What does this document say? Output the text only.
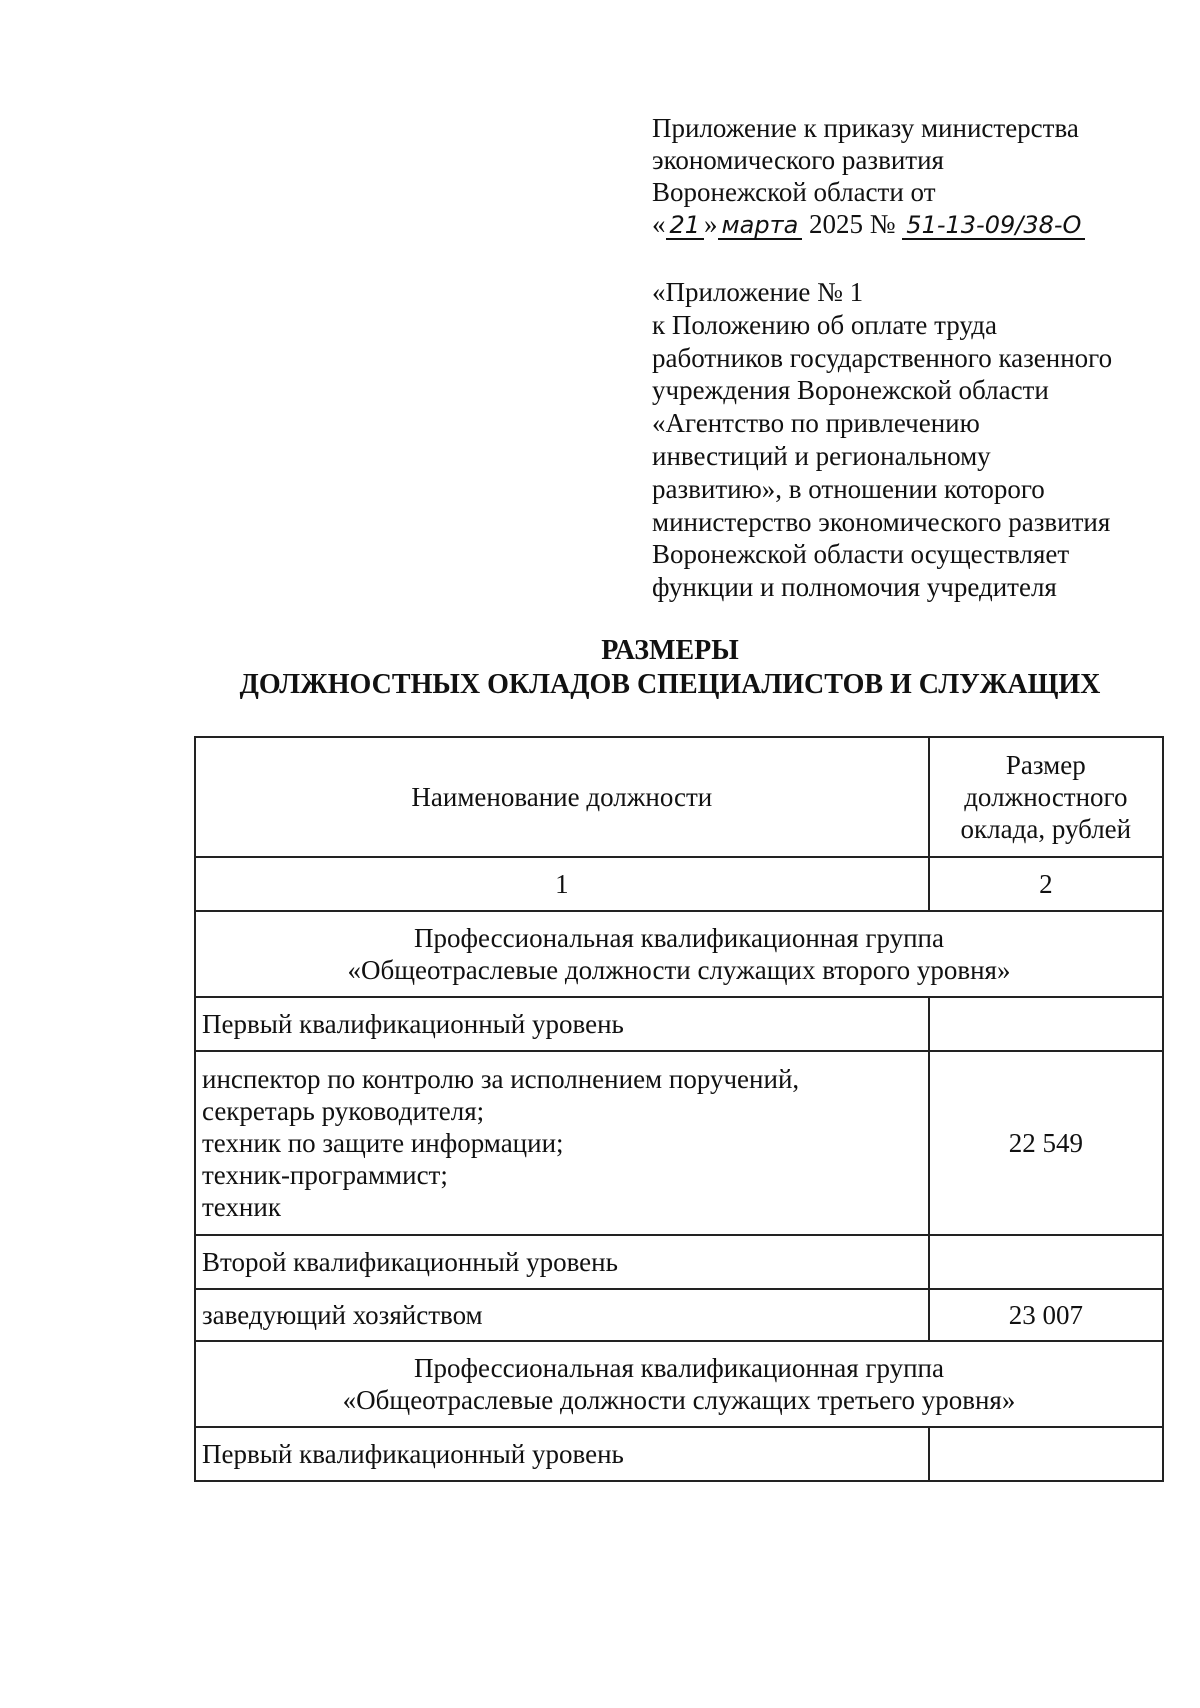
Приложение к приказу министерства
экономического развития
Воронежской области от
« 21 » марта 2025 № 51-13-09/38-О
«Приложение № 1
к Положению об оплате труда
работников государственного казенного
учреждения Воронежской области
«Агентство по привлечению
инвестиций и региональному
развитию», в отношении которого
министерство экономического развития
Воронежской области осуществляет
функции и полномочия учредителя
РАЗМЕРЫ
ДОЛЖНОСТНЫХ ОКЛАДОВ СПЕЦИАЛИСТОВ И СЛУЖАЩИХ
Наименование должности	Размер
должностного
оклада, рублей

1	2

Профессиональная квалификационная группа
«Общеотраслевые должности служащих второго уровня»	

Первый квалификационный уровень	

инспектор по контролю за исполнением поручений,
секретарь руководителя;
техник по защите информации;
техник-программист;
техник	22 549
Второй квалификационный уровень	
заведующий хозяйством	23 007

Профессиональная квалификационная группа
«Общеотраслевые должности служащих третьего уровня»	

Первый квалификационный уровень	
